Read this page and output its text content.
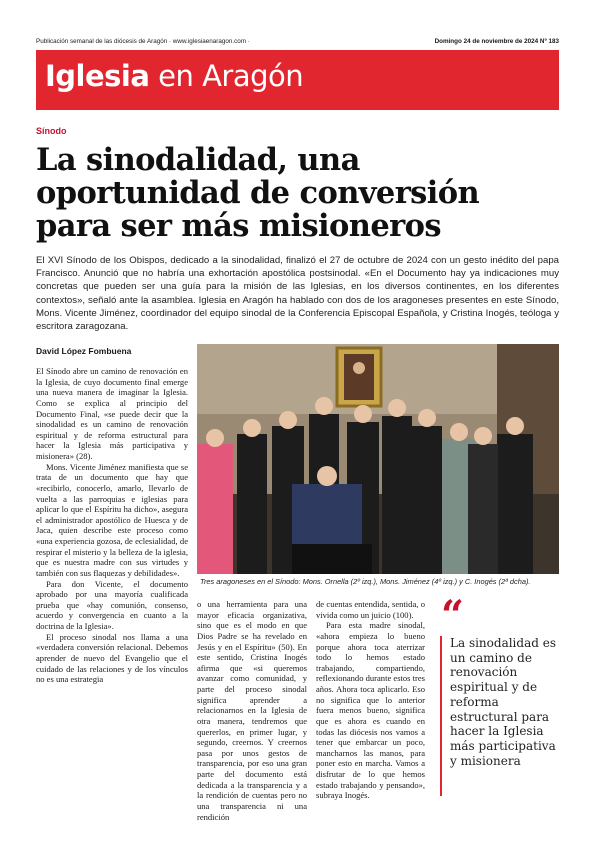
Publicación semanal de las diócesis de Aragón · www.iglesiaenaragon.com ·	Domingo 24 de noviembre de 2024 Nº 183
Iglesia en Aragón
Sínodo
La sinodalidad, una oportunidad de conversión para ser más misioneros

El XVI Sínodo de los Obispos, dedicado a la sinodalidad, finalizó el 27 de octubre de 2024 con un gesto inédito del papa Francisco. Anunció que no habría una exhortación apostólica postsinodal. «En el Documento hay ya indicaciones muy concretas que pueden ser una guía para la misión de las Iglesias, en los diversos continentes, en los diferentes contextos», señaló ante la asamblea. Iglesia en Aragón ha hablado con dos de los aragoneses presentes en este Sínodo, Mons. Vicente Jiménez, coordinador del equipo sinodal de la Conferencia Episcopal Española, y Cristina Inogés, teóloga y escritora zaragozana.

David López Fombuena

El Sínodo abre un camino de renovación en la Iglesia, de cuyo documento final emerge una nueva manera de imaginar la Iglesia. Como se explica al principio del Documento Final, «se puede decir que la sinodalidad es un camino de renovación espiritual y de reforma estructural para hacer la Iglesia más participativa y misionera» (28).

Mons. Vicente Jiménez manifiesta que se trata de un documento que hay que «recibirlo, conocerlo, amarlo, llevarlo de vuelta a las parroquias e iglesias para aplicar lo que el Espíritu ha dicho», asegura el administrador apostólico de Huesca y de Jaca, quien describe este proceso como «una experiencia gozosa, de eclesialidad, de respirar el misterio y la belleza de la iglesia, que es nuestra madre con sus virtudes y también con sus flaquezas y debilidades».

Para don Vicente, el documento aprobado por una mayoría cualificada prueba que «hay comunión, consenso, acuerdo y convergencia en cuanto a la doctrina de la Iglesia».

El proceso sinodal nos llama a una «verdadera conversión relacional. Debemos aprender de nuevo del Evangelio que el cuidado de las relaciones y de los vínculos no es una estrategia

Tres aragoneses en el Sínodo: Mons. Ornella (2º izq.), Mons. Jiménez (4º izq.) y C. Inogés (2ª dcha).

o una herramienta para una mayor eficacia organizativa, sino que es el modo en que Dios Padre se ha revelado en Jesús y en el Espíritu» (50). En este sentido, Cristina Inogés afirma que «si queremos avanzar como comunidad, y parte del proceso sinodal significa aprender a relacionarnos en la Iglesia de otra manera, tendremos que quererlos, en primer lugar, y segundo, creernos. Y creernos pasa por unos gestos de transparencia, por eso una gran parte del documento está dedicada a la transparencia y a la rendición de cuentas pero no una transparencia ni una rendición

de cuentas entendida, sentida, o vivida como un juicio (100).

Para esta madre sinodal, «ahora empieza lo bueno porque ahora toca aterrizar todo lo hemos estado trabajando, compartiendo, reflexionando durante estos tres años. Ahora toca aplicarlo. Eso no significa que lo anterior fuera menos bueno, significa que es ahora es cuando en todas las diócesis nos vamos a tener que embarcar un poco, mancharnos las manos, para poner esto en marcha. Vamos a disfrutar de lo que hemos estado trabajando y pensando», subraya Inogés.

“
La sinodalidad es un camino de renovación espiritual y de reforma estructural para hacer la Iglesia más participativa y misionera
